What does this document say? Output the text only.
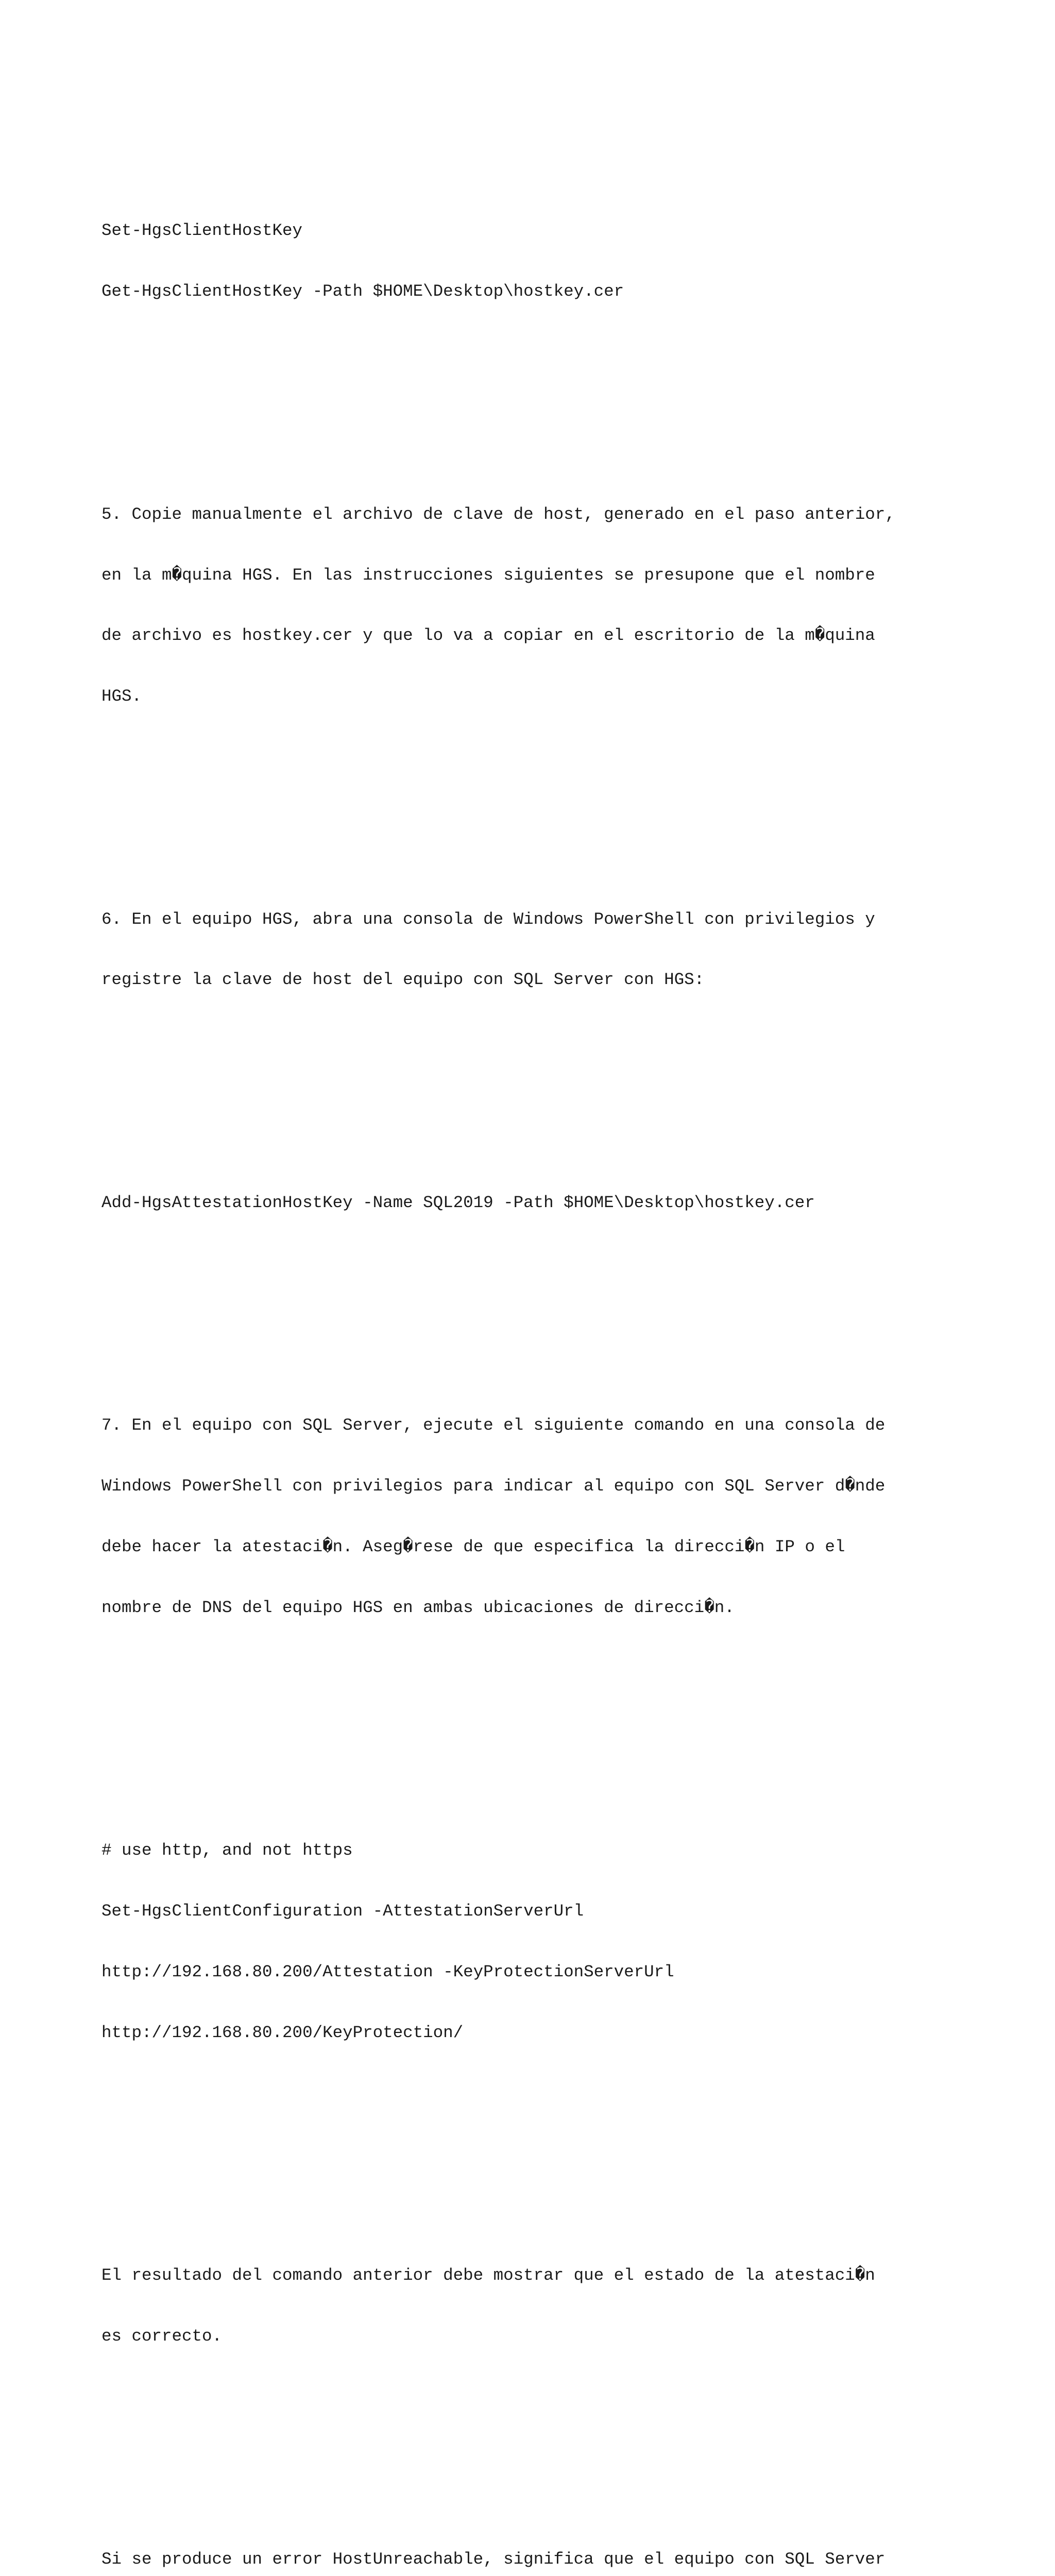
Set-HgsClientHostKey

Get-HgsClientHostKey -Path $HOME\Desktop\hostkey.cer

5. Copie manualmente el archivo de clave de host, generado en el paso anterior,

en la m�quina HGS. En las instrucciones siguientes se presupone que el nombre

de archivo es hostkey.cer y que lo va a copiar en el escritorio de la m�quina

HGS.

6. En el equipo HGS, abra una consola de Windows PowerShell con privilegios y

registre la clave de host del equipo con SQL Server con HGS:

Add-HgsAttestationHostKey -Name SQL2019 -Path $HOME\Desktop\hostkey.cer

7. En el equipo con SQL Server, ejecute el siguiente comando en una consola de

Windows PowerShell con privilegios para indicar al equipo con SQL Server d�nde

debe hacer la atestaci�n. Aseg�rese de que especifica la direcci�n IP o el

nombre de DNS del equipo HGS en ambas ubicaciones de direcci�n.

# use http, and not https

Set-HgsClientConfiguration -AttestationServerUrl

http://192.168.80.200/Attestation -KeyProtectionServerUrl

http://192.168.80.200/KeyProtection/

El resultado del comando anterior debe mostrar que el estado de la atestaci�n

es correcto.

Si se produce un error HostUnreachable, significa que el equipo con SQL Server
